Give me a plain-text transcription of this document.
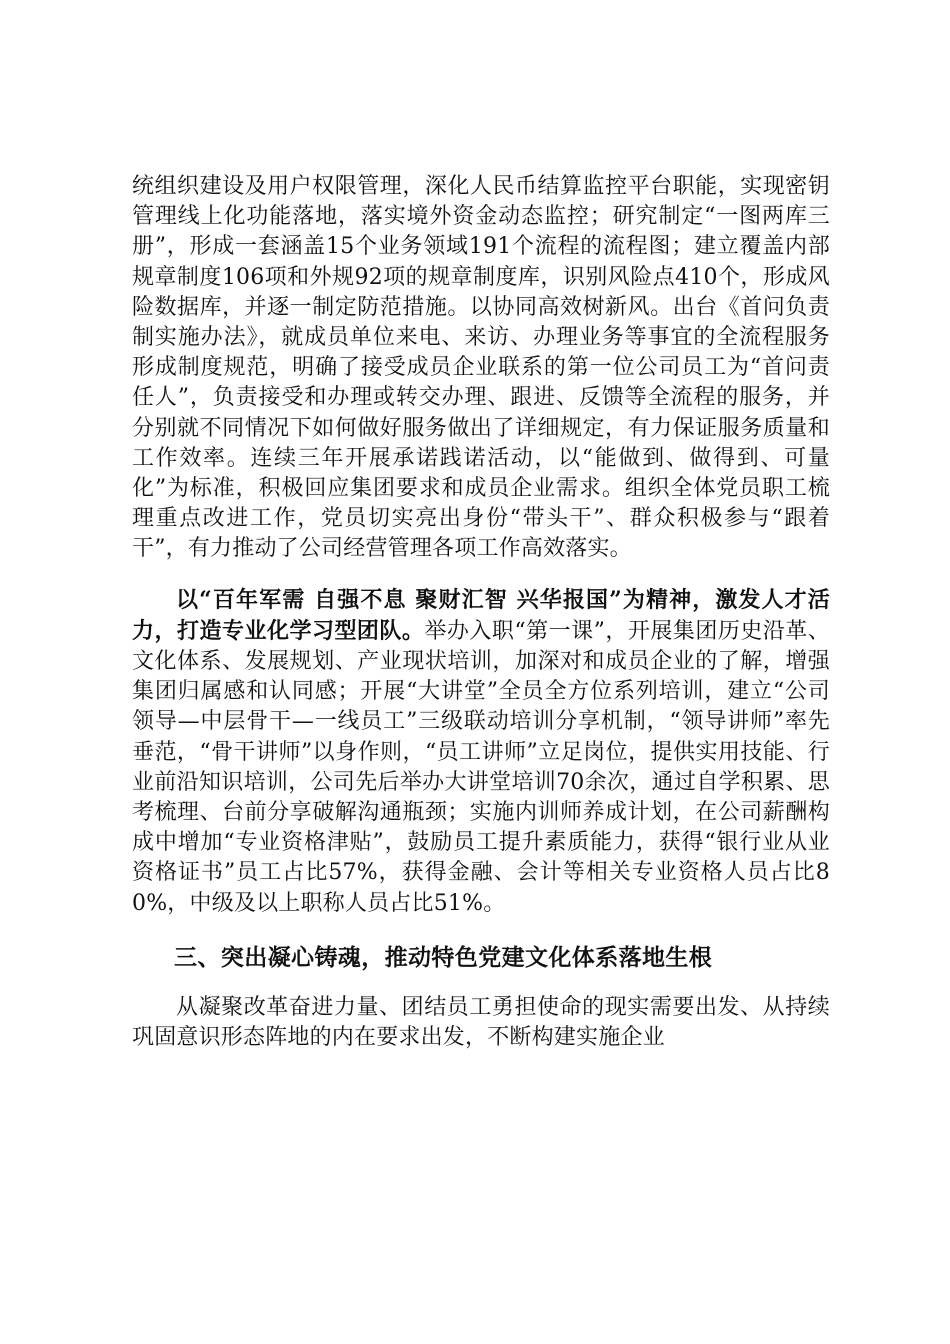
统组织建设及用户权限管理，深化人民币结算监控平台职能，实现密钥管理线上化功能落地，落实境外资金动态监控；研究制定“一图两库三册”，形成一套涵盖15个业务领域191个流程的流程图；建立覆盖内部规章制度106项和外规92项的规章制度库，识别风险点410个，形成风险数据库，并逐一制定防范措施。以协同高效树新风。出台《首问负责制实施办法》，就成员单位来电、来访、办理业务等事宜的全流程服务形成制度规范，明确了接受成员企业联系的第一位公司员工为“首问责任人”，负责接受和办理或转交办理、跟进、反馈等全流程的服务，并分别就不同情况下如何做好服务做出了详细规定，有力保证服务质量和工作效率。连续三年开展承诺践诺活动，以“能做到、做得到、可量化”为标准，积极回应集团要求和成员企业需求。组织全体党员职工梳理重点改进工作，党员切实亮出身份“带头干”、群众积极参与“跟着干”，有力推动了公司经营管理各项工作高效落实。

以“百年军需 自强不息 聚财汇智 兴华报国”为精神，激发人才活力，打造专业化学习型团队。举办入职“第一课”，开展集团历史沿革、文化体系、发展规划、产业现状培训，加深对和成员企业的了解，增强集团归属感和认同感；开展“大讲堂”全员全方位系列培训，建立“公司领导—中层骨干—一线员工”三级联动培训分享机制，“领导讲师”率先垂范，“骨干讲师”以身作则，“员工讲师”立足岗位，提供实用技能、行业前沿知识培训，公司先后举办大讲堂培训70余次，通过自学积累、思考梳理、台前分享破解沟通瓶颈；实施内训师养成计划，在公司薪酬构成中增加“专业资格津贴”，鼓励员工提升素质能力，获得“银行业从业资格证书”员工占比57%，获得金融、会计等相关专业资格人员占比80%，中级及以上职称人员占比51%。

三、突出凝心铸魂，推动特色党建文化体系落地生根

从凝聚改革奋进力量、团结员工勇担使命的现实需要出发、从持续巩固意识形态阵地的内在要求出发，不断构建实施企业
